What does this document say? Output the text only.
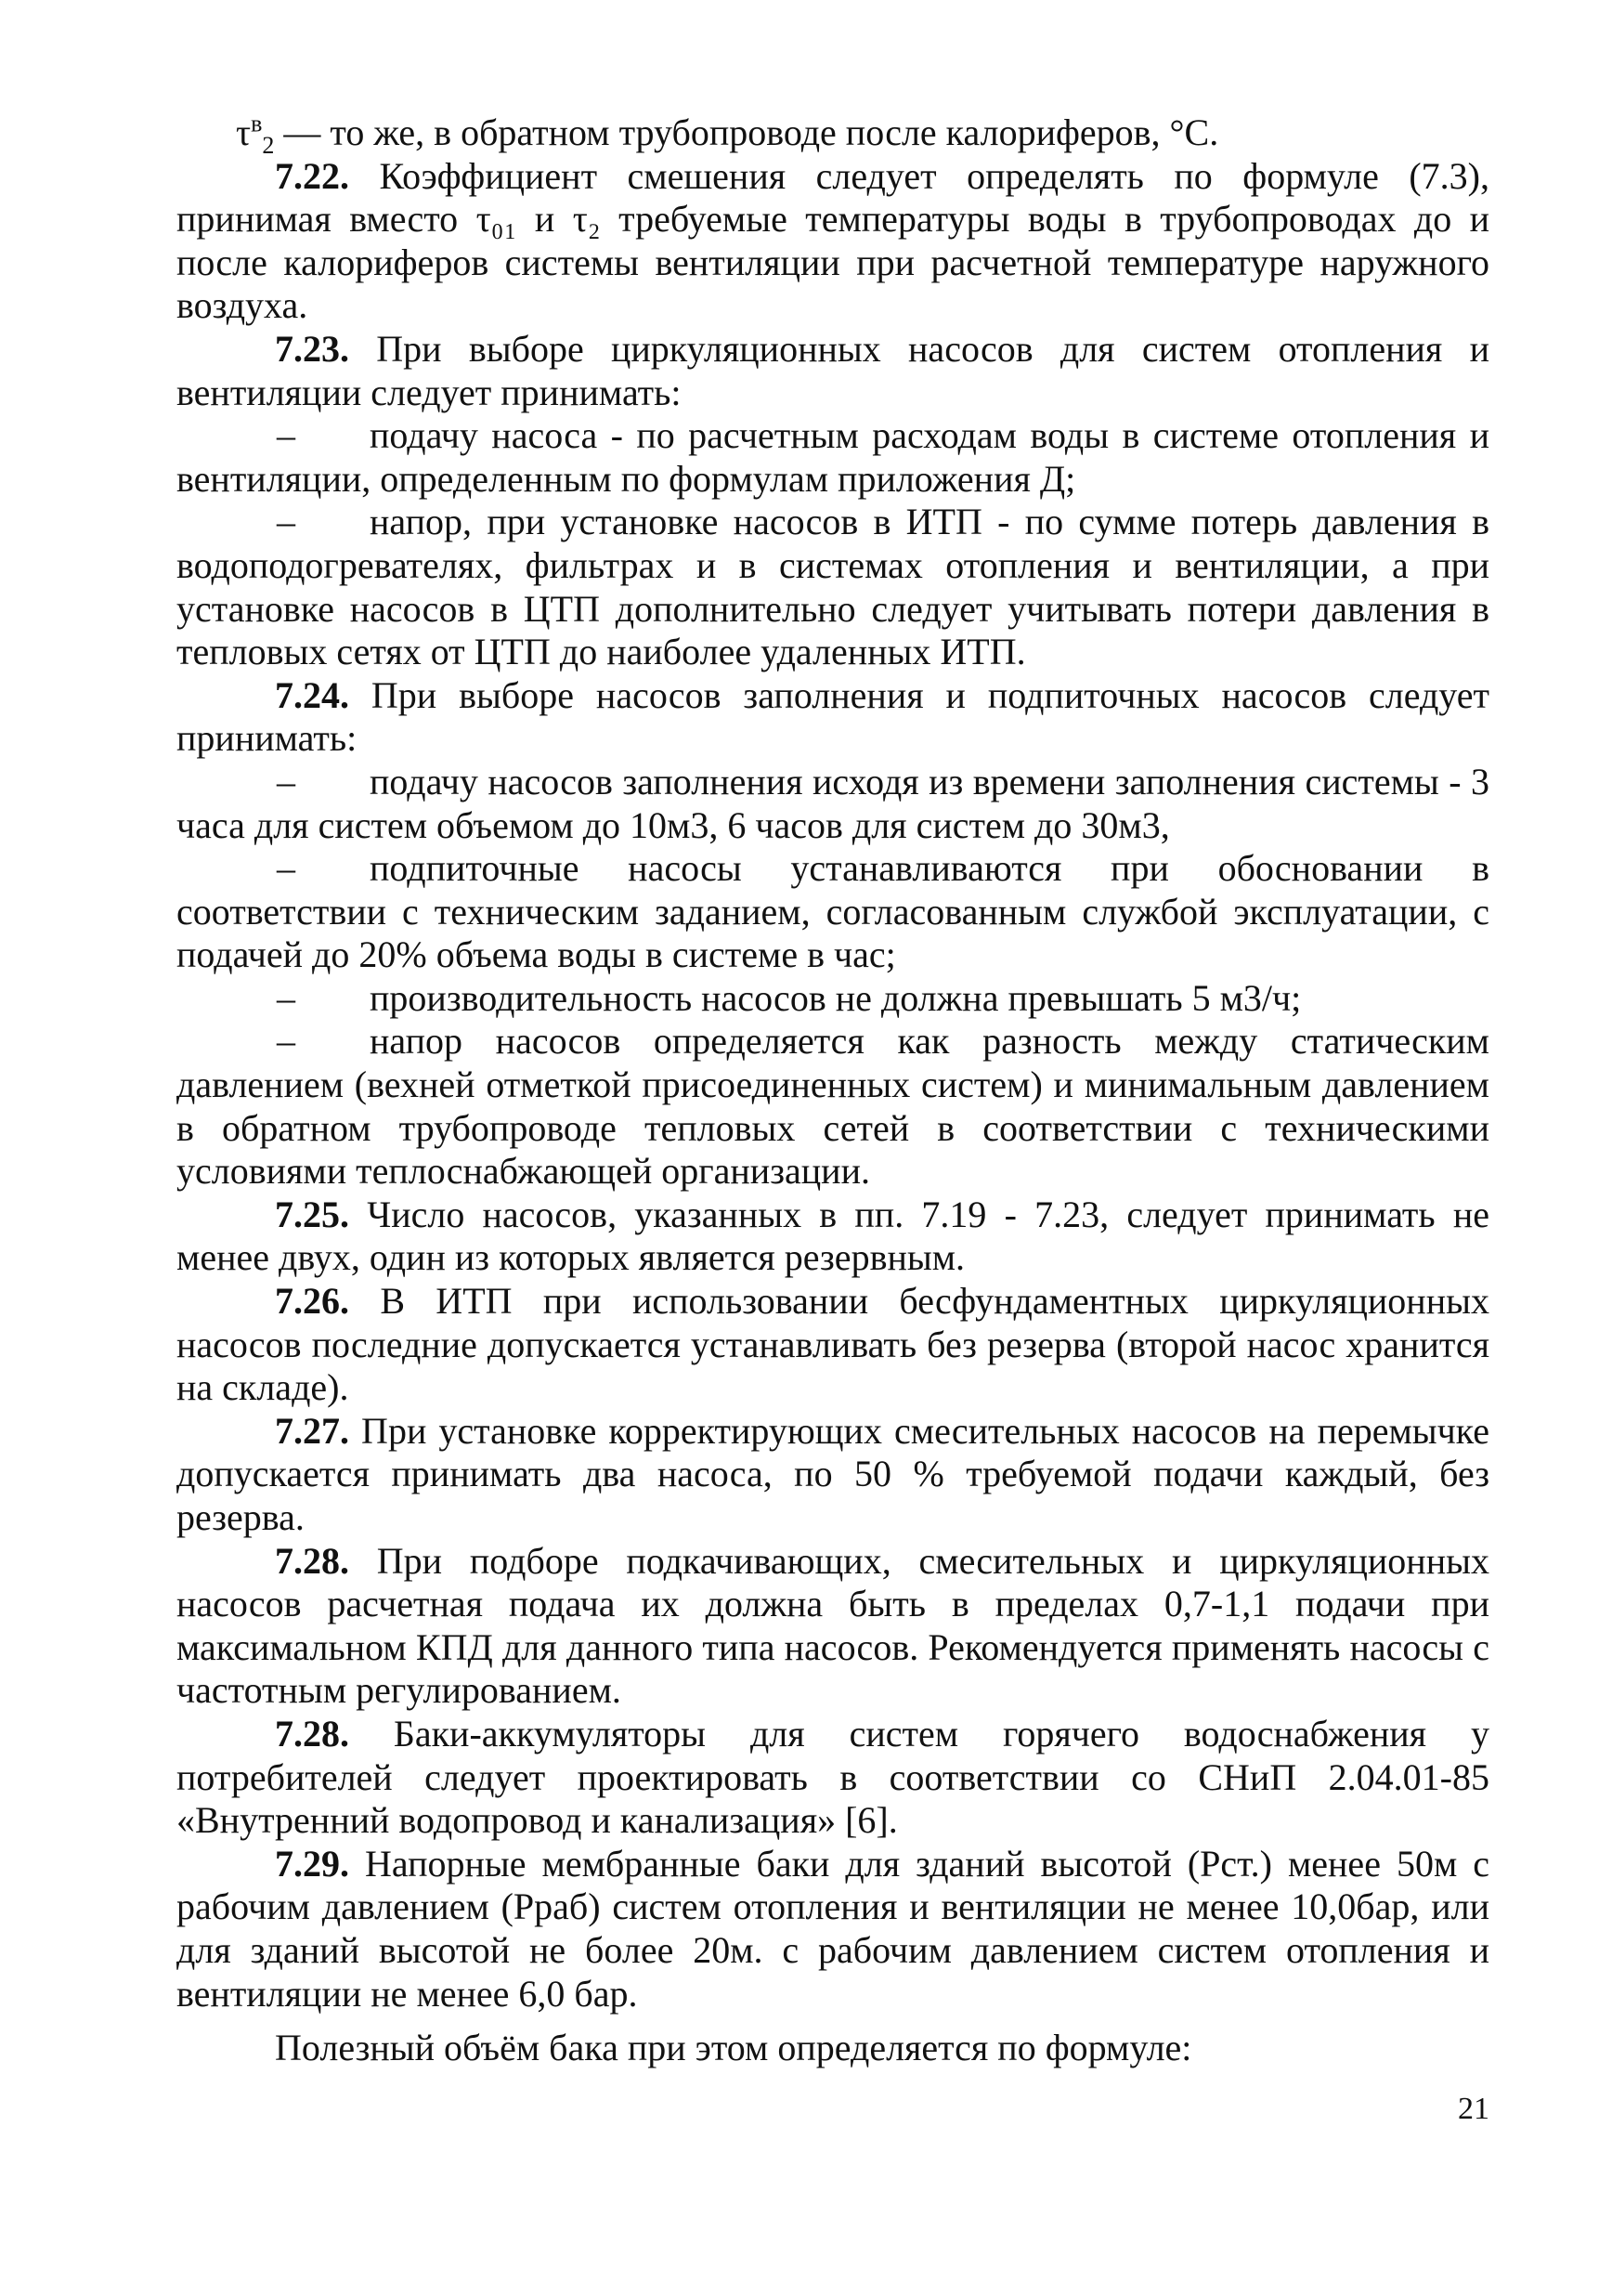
$\tau^в_2$ — то же, в обратном трубопроводе после калориферов, °С.

7.22. Коэффициент смешения следует определять по формуле (7.3), принимая вместо τ₀₁ и τ₂ требуемые температуры воды в трубопроводах до и после калориферов системы вентиляции при расчетной температуре наружного воздуха.

7.23. При выборе циркуляционных насосов для систем отопления и вентиляции следует принимать:

– подачу насоса - по расчетным расходам воды в системе отопления и вентиляции, определенным по формулам приложения Д;

– напор, при установке насосов в ИТП - по сумме потерь давления в водоподогревателях, фильтрах и в системах отопления и вентиляции, а при установке насосов в ЦТП дополнительно следует учитывать потери давления в тепловых сетях от ЦТП до наиболее удаленных ИТП.

7.24. При выборе насосов заполнения и подпиточных насосов следует принимать:

– подачу насосов заполнения исходя из времени заполнения системы - 3 часа для систем объемом до 10м3, 6 часов для систем до 30м3,

– подпиточные насосы устанавливаются при обосновании в соответствии с техническим заданием, согласованным службой эксплуатации, с подачей до 20% объема воды в системе в час;

– производительность насосов не должна превышать 5 м3/ч;

– напор насосов определяется как разность между статическим давлением (вехней отметкой присоединенных систем) и минимальным давлением в обратном трубопроводе тепловых сетей в соответствии с техническими условиями теплоснабжающей организации.

7.25. Число насосов, указанных в пп. 7.19 - 7.23, следует принимать не менее двух, один из которых является резервным.

7.26. В ИТП при использовании бесфундаментных циркуляционных насосов последние допускается устанавливать без резерва (второй насос хранится на складе).

7.27. При установке корректирующих смесительных насосов на перемычке допускается принимать два насоса, по 50 % требуемой подачи каждый, без резерва.

7.28. При подборе подкачивающих, смесительных и циркуляционных насосов расчетная подача их должна быть в пределах 0,7-1,1 подачи при максимальном КПД для данного типа насосов. Рекомендуется применять насосы с частотным регулированием.

7.28. Баки-аккумуляторы для систем горячего водоснабжения у потребителей следует проектировать в соответствии со СНиП 2.04.01-85 «Внутренний водопровод и канализация» [6].

7.29. Напорные мембранные баки для зданий высотой (Рст.) менее 50м с рабочим давлением (Рраб) систем отопления и вентиляции не менее 10,0бар, или для зданий высотой не более 20м. с рабочим давлением систем отопления и вентиляции не менее 6,0 бар.

Полезный объём бака при этом определяется по формуле:

21
